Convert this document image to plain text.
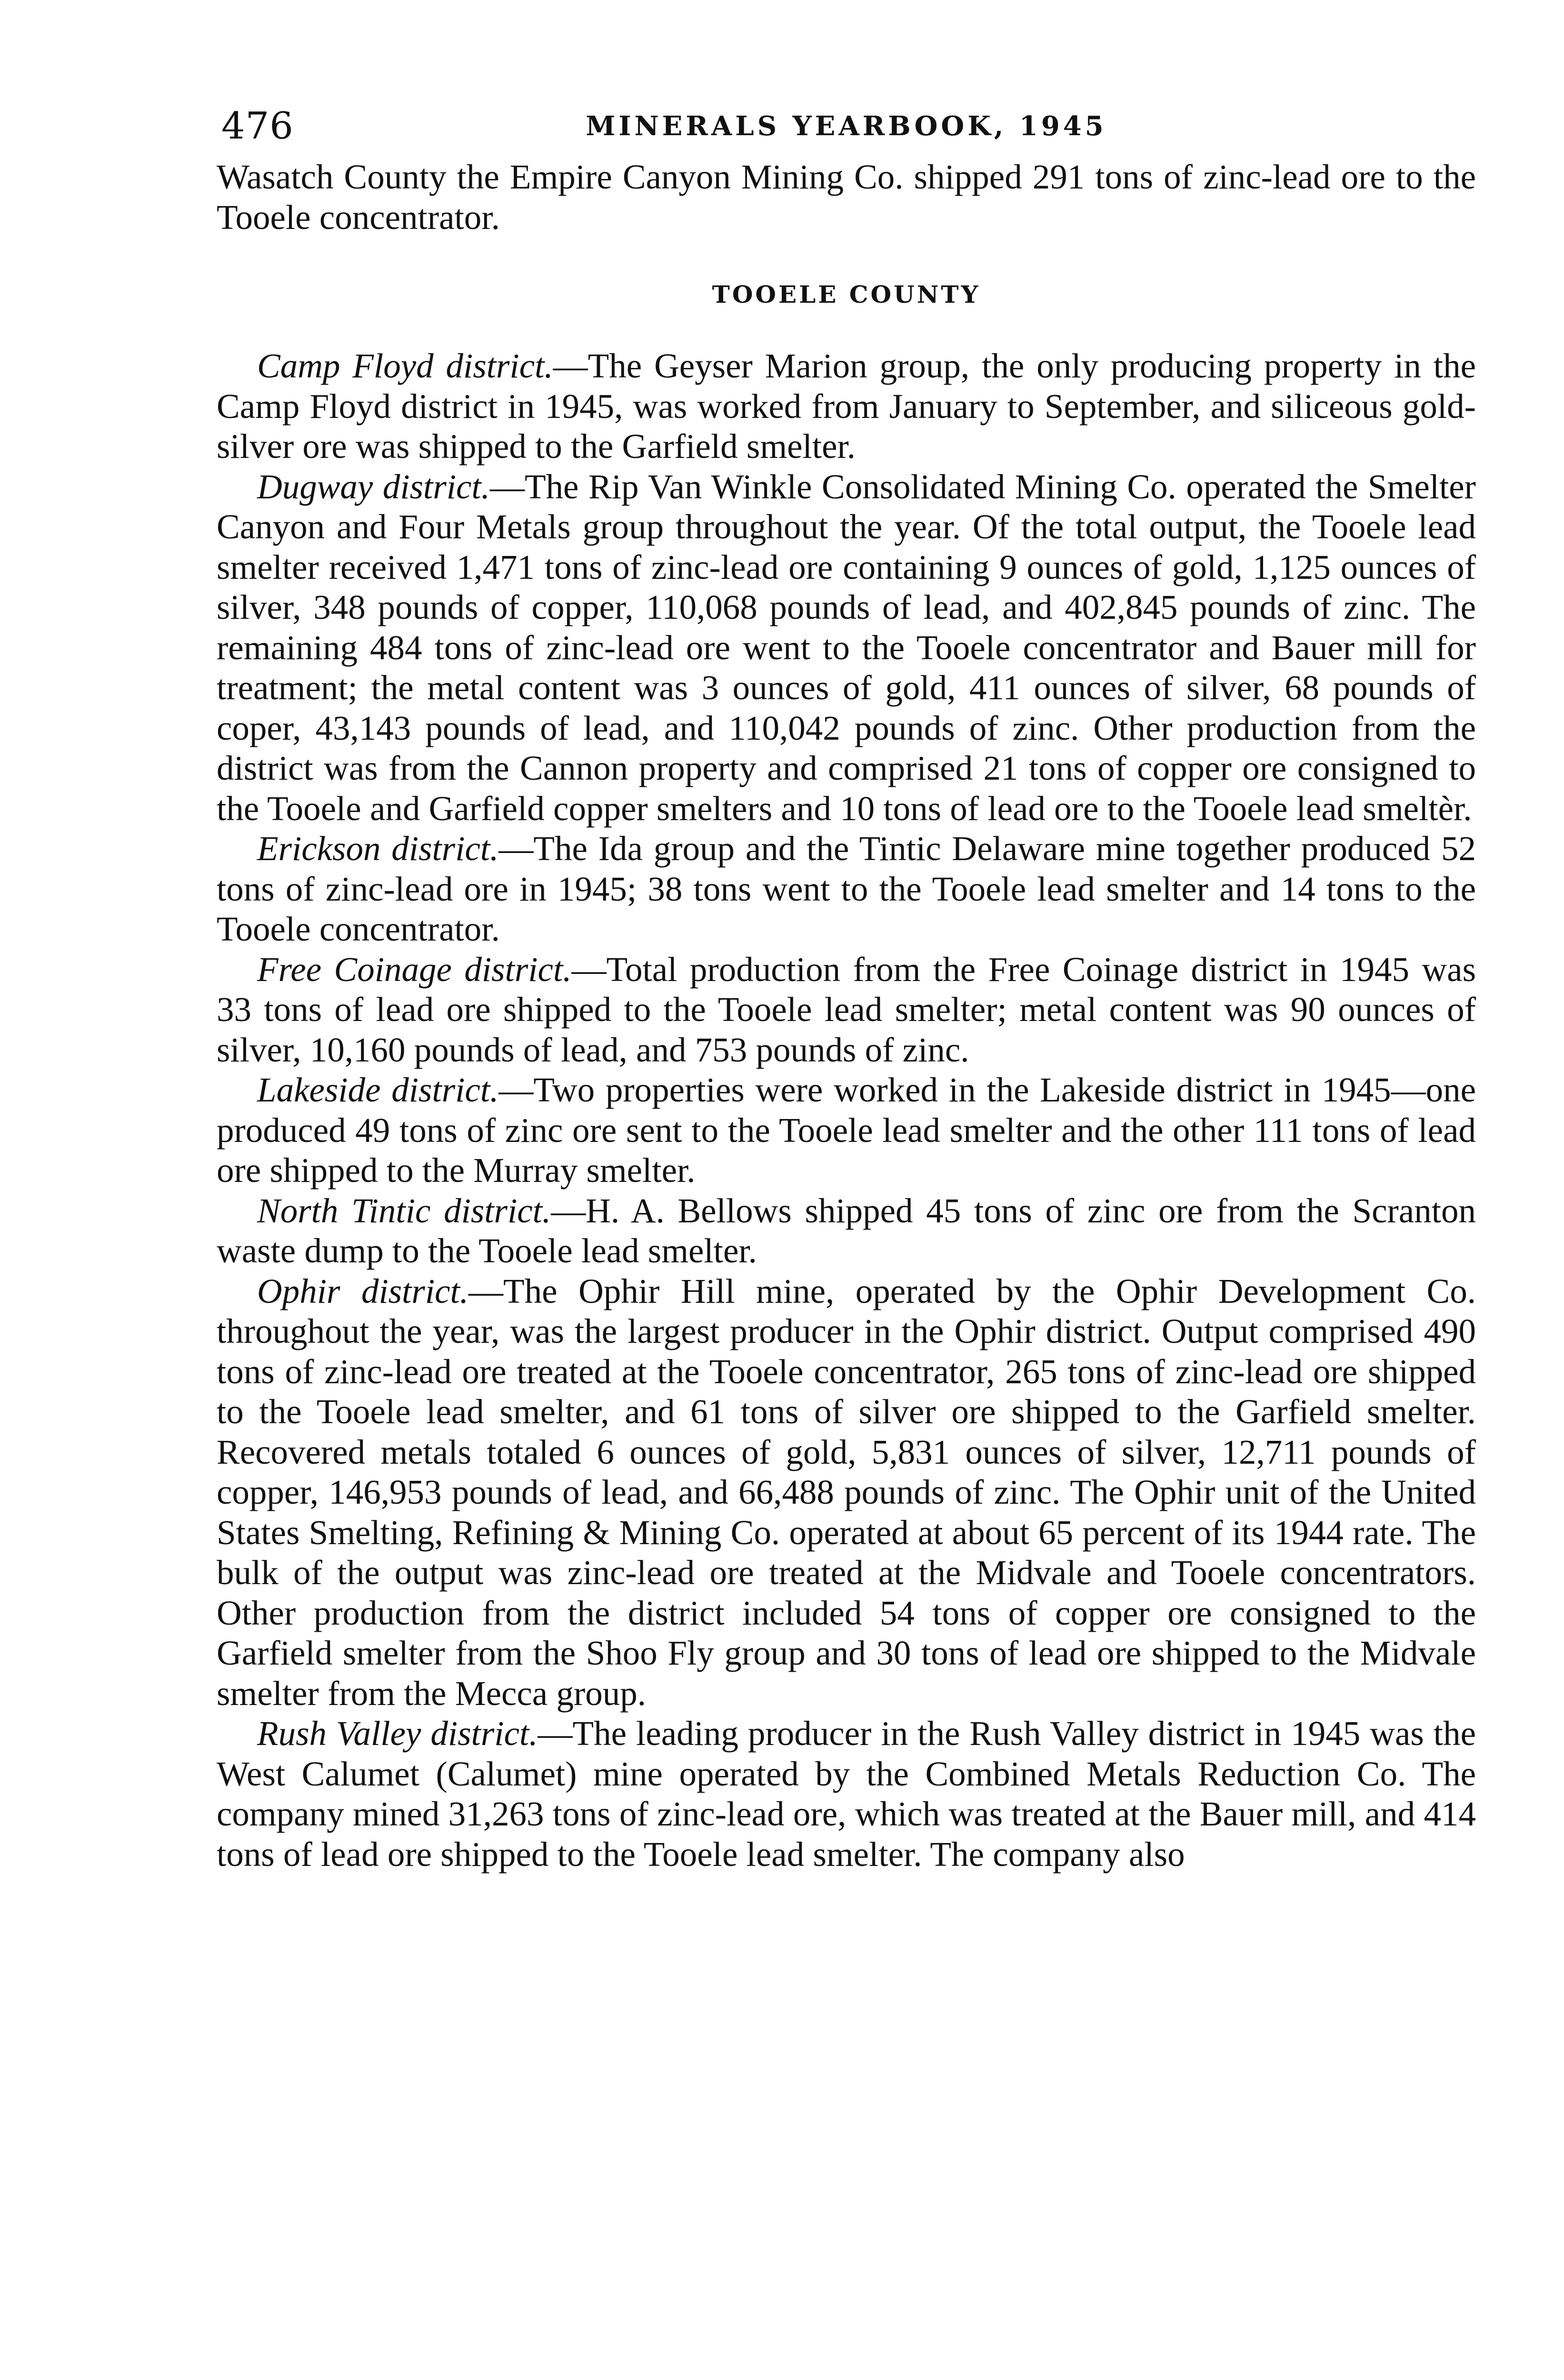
476	MINERALS YEARBOOK, 1945

Wasatch County the Empire Canyon Mining Co. shipped 291 tons of zinc-lead ore to the Tooele concentrator.

TOOELE COUNTY

Camp Floyd district.—The Geyser Marion group, the only producing property in the Camp Floyd district in 1945, was worked from January to September, and siliceous gold-silver ore was shipped to the Garfield smelter.

Dugway district.—The Rip Van Winkle Consolidated Mining Co. operated the Smelter Canyon and Four Metals group throughout the year. Of the total output, the Tooele lead smelter received 1,471 tons of zinc-lead ore containing 9 ounces of gold, 1,125 ounces of silver, 348 pounds of copper, 110,068 pounds of lead, and 402,845 pounds of zinc. The remaining 484 tons of zinc-lead ore went to the Tooele concentrator and Bauer mill for treatment; the metal content was 3 ounces of gold, 411 ounces of silver, 68 pounds of coper, 43,143 pounds of lead, and 110,042 pounds of zinc. Other production from the district was from the Cannon property and comprised 21 tons of copper ore consigned to the Tooele and Garfield copper smelters and 10 tons of lead ore to the Tooele lead smeltèr.

Erickson district.—The Ida group and the Tintic Delaware mine together produced 52 tons of zinc-lead ore in 1945; 38 tons went to the Tooele lead smelter and 14 tons to the Tooele concentrator.

Free Coinage district.—Total production from the Free Coinage district in 1945 was 33 tons of lead ore shipped to the Tooele lead smelter; metal content was 90 ounces of silver, 10,160 pounds of lead, and 753 pounds of zinc.

Lakeside district.—Two properties were worked in the Lakeside district in 1945—one produced 49 tons of zinc ore sent to the Tooele lead smelter and the other 111 tons of lead ore shipped to the Murray smelter.

North Tintic district.—H. A. Bellows shipped 45 tons of zinc ore from the Scranton waste dump to the Tooele lead smelter.

Ophir district.—The Ophir Hill mine, operated by the Ophir Development Co. throughout the year, was the largest producer in the Ophir district. Output comprised 490 tons of zinc-lead ore treated at the Tooele concentrator, 265 tons of zinc-lead ore shipped to the Tooele lead smelter, and 61 tons of silver ore shipped to the Garfield smelter. Recovered metals totaled 6 ounces of gold, 5,831 ounces of silver, 12,711 pounds of copper, 146,953 pounds of lead, and 66,488 pounds of zinc. The Ophir unit of the United States Smelting, Refining & Mining Co. operated at about 65 percent of its 1944 rate. The bulk of the output was zinc-lead ore treated at the Midvale and Tooele concentrators. Other production from the district included 54 tons of copper ore consigned to the Garfield smelter from the Shoo Fly group and 30 tons of lead ore shipped to the Midvale smelter from the Mecca group.

Rush Valley district.—The leading producer in the Rush Valley district in 1945 was the West Calumet (Calumet) mine operated by the Combined Metals Reduction Co. The company mined 31,263 tons of zinc-lead ore, which was treated at the Bauer mill, and 414 tons of lead ore shipped to the Tooele lead smelter. The company also
